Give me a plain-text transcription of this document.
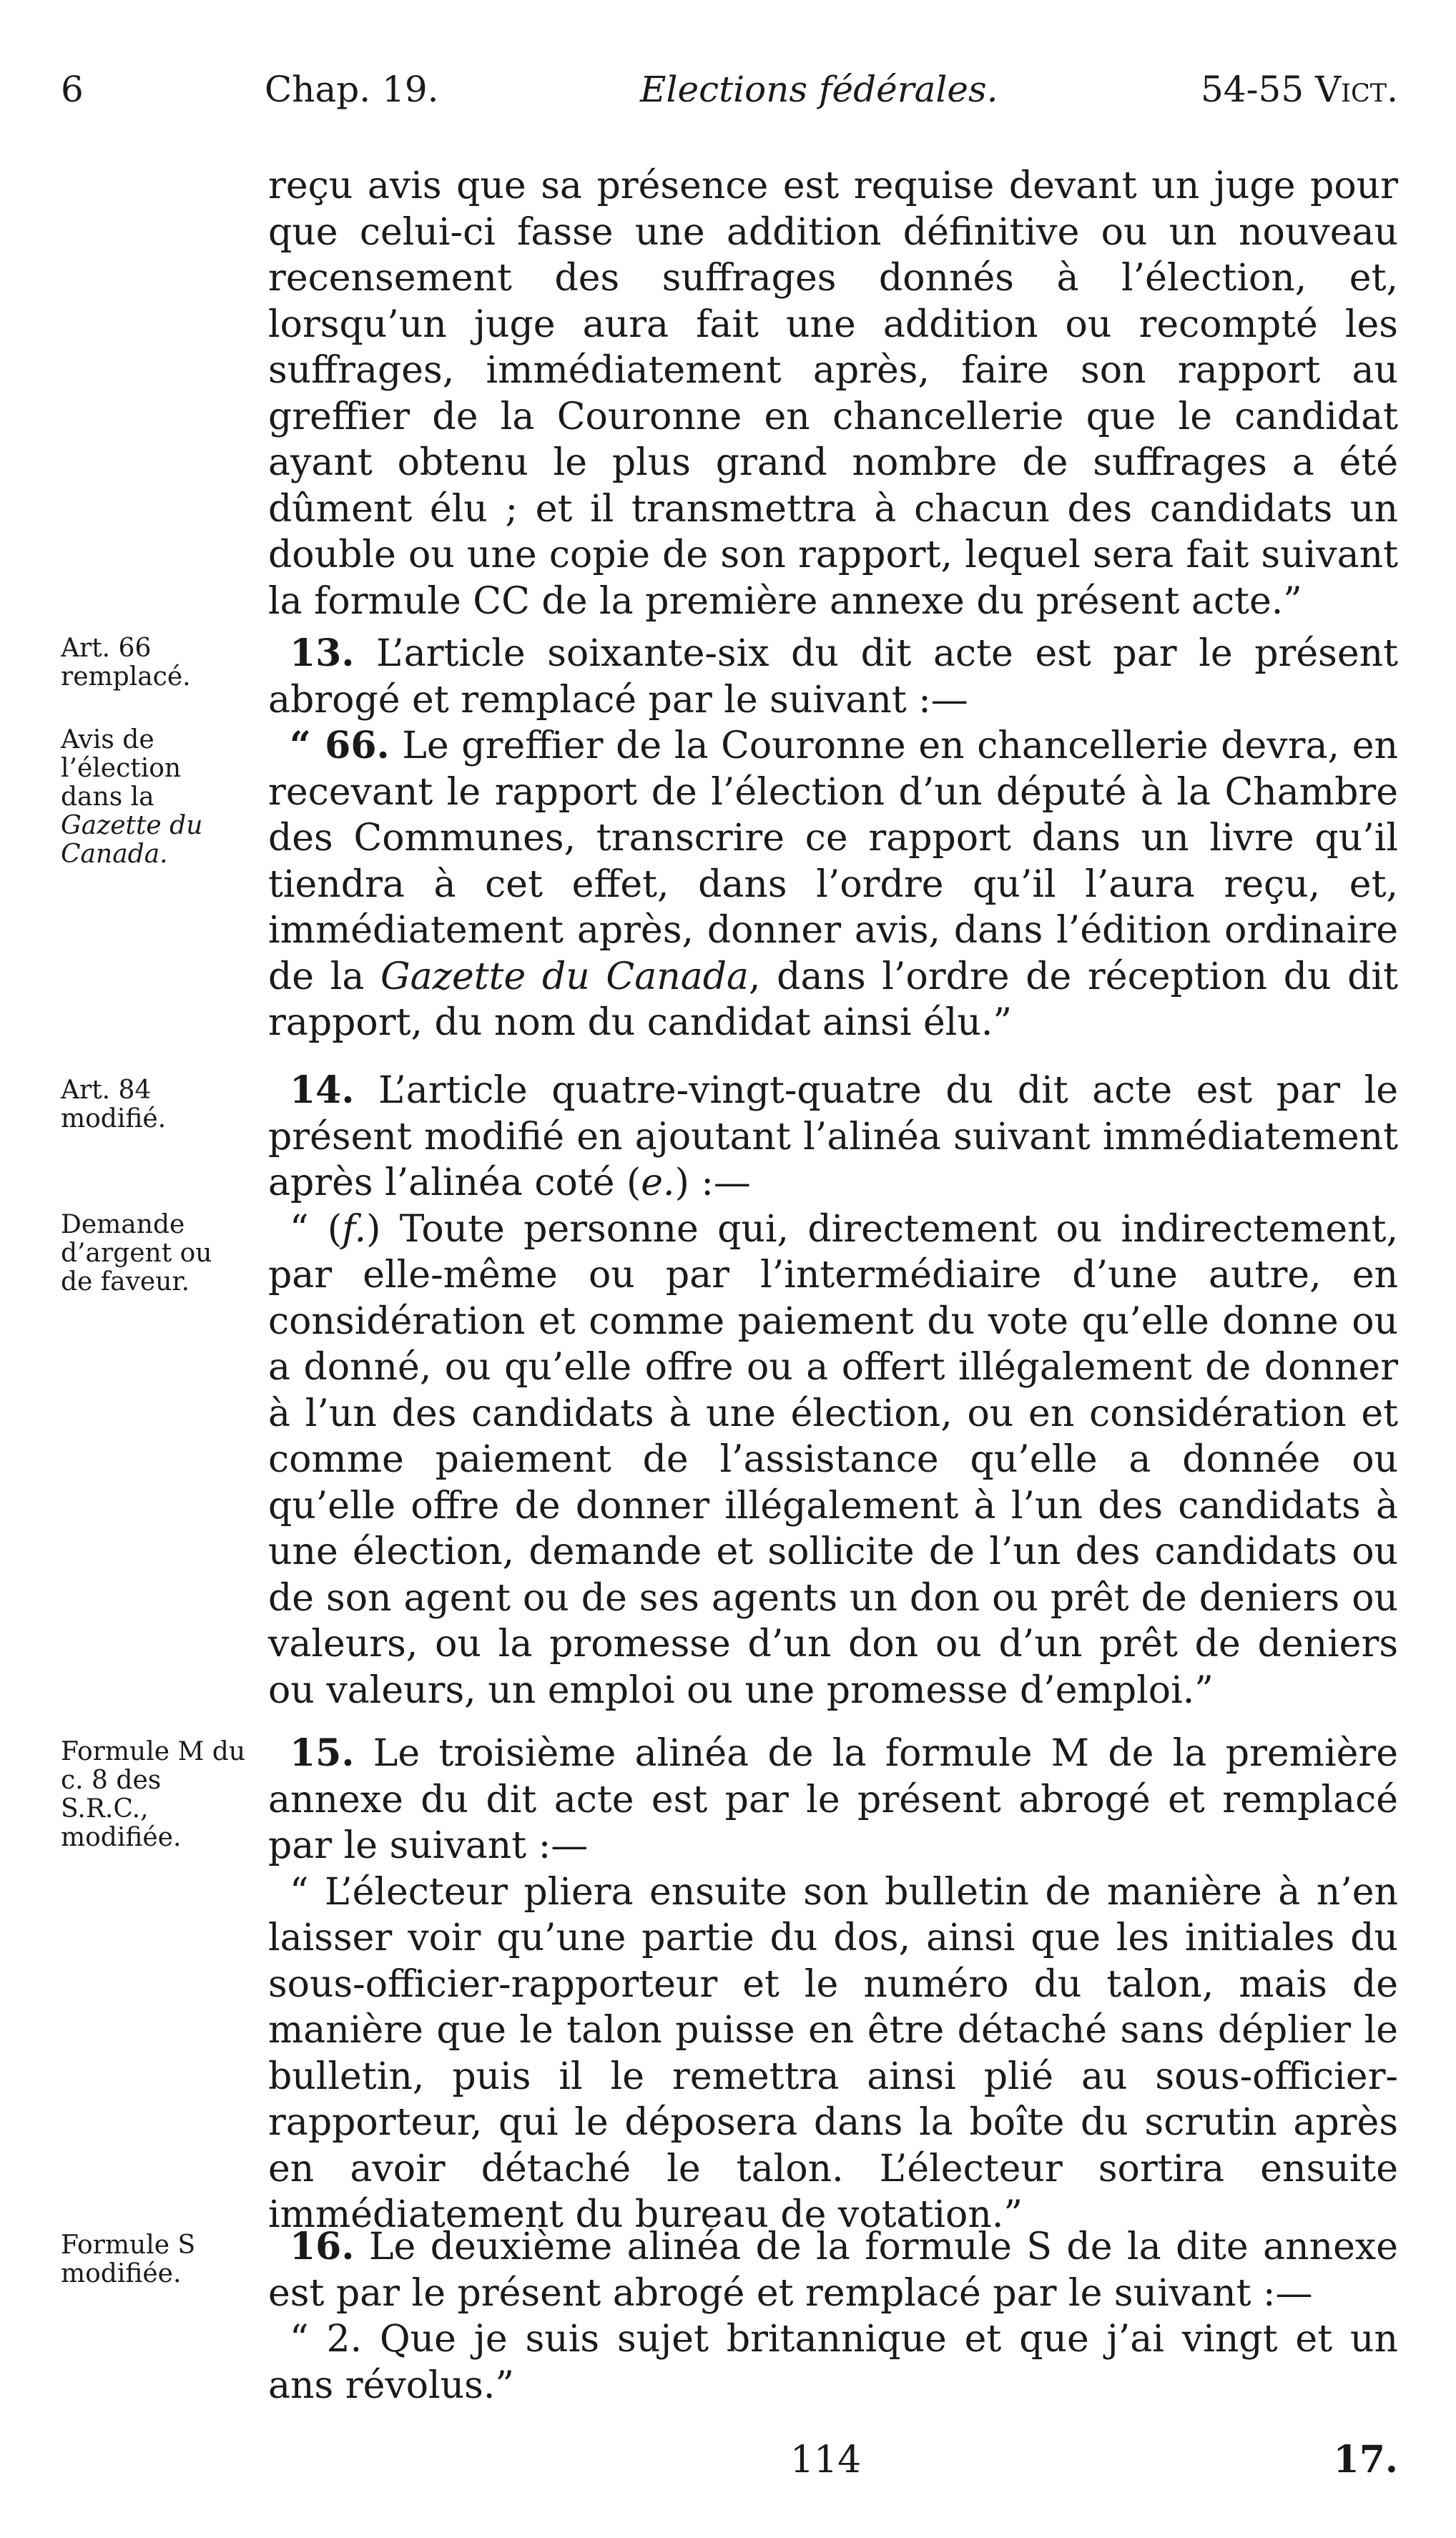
6	Chap. 19.	Elections fédérales.	54-55 Vict.

reçu avis que sa présence est requise devant un juge pour que celui-ci fasse une addition définitive ou un nouveau recensement des suffrages donnés à l’élection, et, lorsqu’un juge aura fait une addition ou recompté les suffrages, immédiatement après, faire son rapport au greffier de la Couronne en chancellerie que le candidat ayant obtenu le plus grand nombre de suffrages a été dûment élu ; et il transmettra à chacun des candidats un double ou une copie de son rapport, lequel sera fait suivant la formule CC de la première annexe du présent acte.”

Art. 66 remplacé.
Avis de l’élection dans la Gazette du Canada.

13. L’article soixante-six du dit acte est par le présent abrogé et remplacé par le suivant :—

“ 66. Le greffier de la Couronne en chancellerie devra, en recevant le rapport de l’élection d’un député à la Chambre des Communes, transcrire ce rapport dans un livre qu’il tiendra à cet effet, dans l’ordre qu’il l’aura reçu, et, immédiatement après, donner avis, dans l’édition ordinaire de la Gazette du Canada, dans l’ordre de réception du dit rapport, du nom du candidat ainsi élu.”

Art. 84 modifié.
Demande d’argent ou de faveur.

14. L’article quatre-vingt-quatre du dit acte est par le présent modifié en ajoutant l’alinéa suivant immédiatement après l’alinéa coté (e.) :—

“ (f.) Toute personne qui, directement ou indirectement, par elle-même ou par l’intermédiaire d’une autre, en considération et comme paiement du vote qu’elle donne ou a donné, ou qu’elle offre ou a offert illégalement de donner à l’un des candidats à une élection, ou en considération et comme paiement de l’assistance qu’elle a donnée ou qu’elle offre de donner illégalement à l’un des candidats à une élection, demande et sollicite de l’un des candidats ou de son agent ou de ses agents un don ou prêt de deniers ou valeurs, ou la promesse d’un don ou d’un prêt de deniers ou valeurs, un emploi ou une promesse d’emploi.”

Formule M du c. 8 des S.R.C., modifiée.

15. Le troisième alinéa de la formule M de la première annexe du dit acte est par le présent abrogé et remplacé par le suivant :—

“ L’électeur pliera ensuite son bulletin de manière à n’en laisser voir qu’une partie du dos, ainsi que les initiales du sous-officier-rapporteur et le numéro du talon, mais de manière que le talon puisse en être détaché sans déplier le bulletin, puis il le remettra ainsi plié au sous-officier-rapporteur, qui le déposera dans la boîte du scrutin après en avoir détaché le talon. L’électeur sortira ensuite immédiatement du bureau de votation.”

Formule S modifiée.

16. Le deuxième alinéa de la formule S de la dite annexe est par le présent abrogé et remplacé par le suivant :—

“ 2. Que je suis sujet britannique et que j’ai vingt et un ans révolus.”

114	17.
